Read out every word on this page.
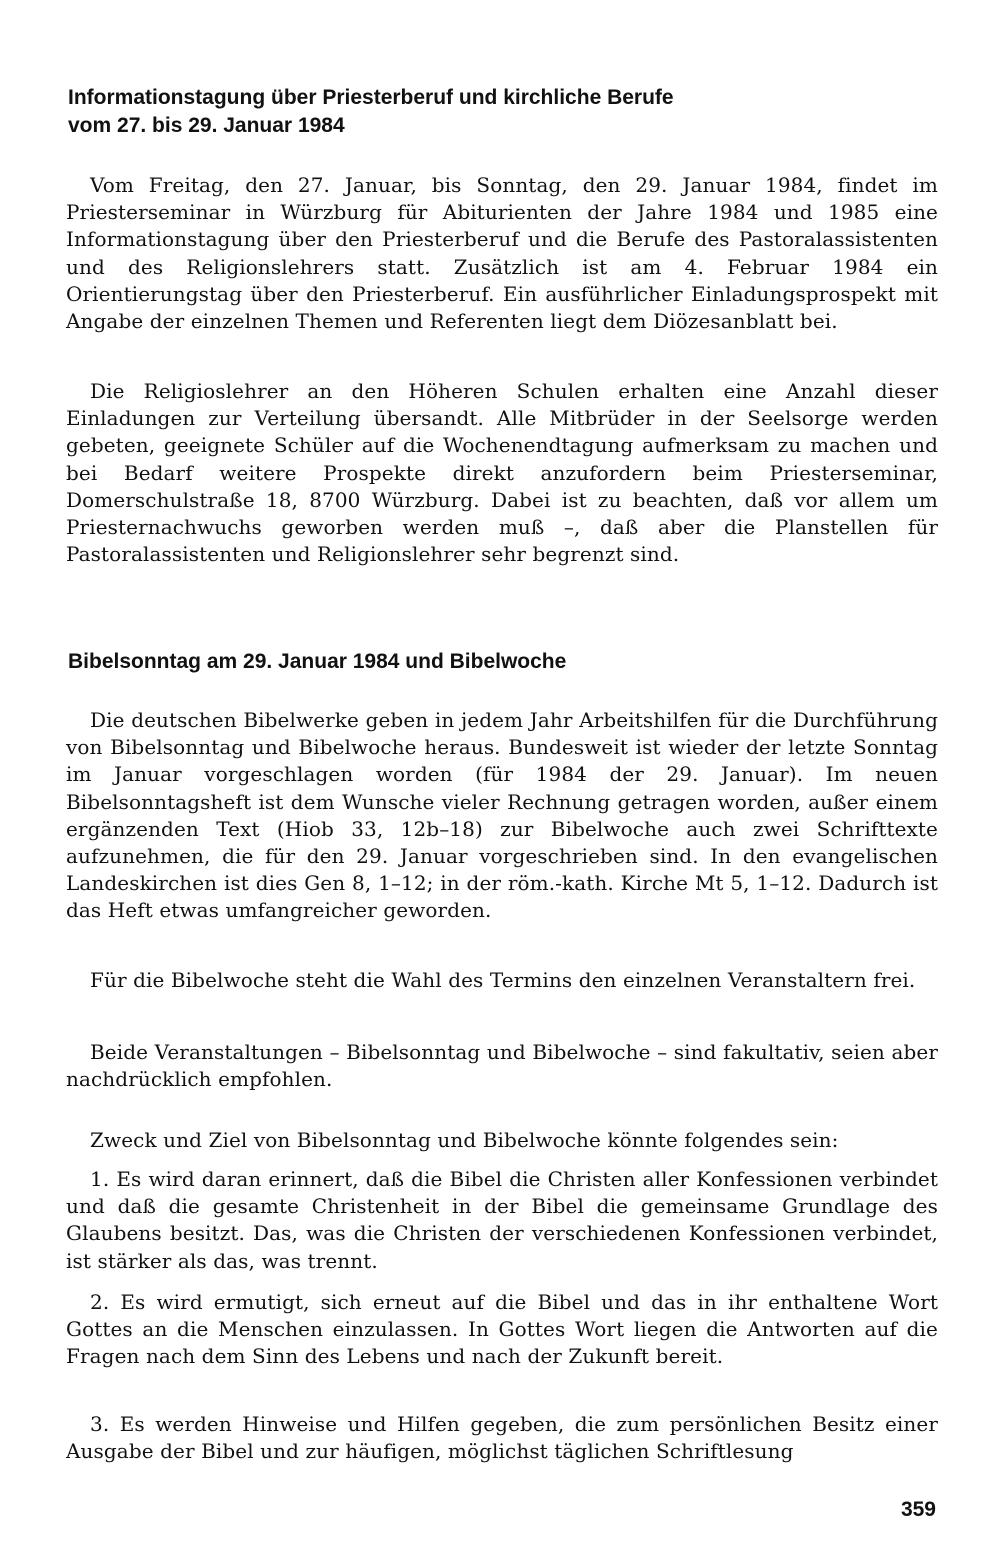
Informationstagung über Priesterberuf und kirchliche Berufe

vom 27. bis 29. Januar 1984

Vom Freitag, den 27. Januar, bis Sonntag, den 29. Januar 1984, findet im Priesterseminar in Würzburg für Abiturienten der Jahre 1984 und 1985 eine Informationstagung über den Priesterberuf und die Berufe des Pastoralassistenten und des Religionslehrers statt. Zusätzlich ist am 4. Februar 1984 ein Orientierungstag über den Priesterberuf. Ein ausführlicher Einladungsprospekt mit Angabe der einzelnen Themen und Referenten liegt dem Diözesanblatt bei.

Die Religioslehrer an den Höheren Schulen erhalten eine Anzahl dieser Einladungen zur Verteilung übersandt. Alle Mitbrüder in der Seelsorge werden gebeten, geeignete Schüler auf die Wochenendtagung aufmerksam zu machen und bei Bedarf weitere Prospekte direkt anzufordern beim Priesterseminar, Domerschulstraße 18, 8700 Würzburg. Dabei ist zu beachten, daß vor allem um Priesternachwuchs geworben werden muß –, daß aber die Planstellen für Pastoralassistenten und Religionslehrer sehr begrenzt sind.

Bibelsonntag am 29. Januar 1984 und Bibelwoche

Die deutschen Bibelwerke geben in jedem Jahr Arbeitshilfen für die Durchführung von Bibelsonntag und Bibelwoche heraus. Bundesweit ist wieder der letzte Sonntag im Januar vorgeschlagen worden (für 1984 der 29. Januar). Im neuen Bibelsonntagsheft ist dem Wunsche vieler Rechnung getragen worden, außer einem ergänzenden Text (Hiob 33, 12b–18) zur Bibelwoche auch zwei Schrifttexte aufzunehmen, die für den 29. Januar vorgeschrieben sind. In den evangelischen Landeskirchen ist dies Gen 8, 1–12; in der röm.-kath. Kirche Mt 5, 1–12. Dadurch ist das Heft etwas umfangreicher geworden.

Für die Bibelwoche steht die Wahl des Termins den einzelnen Veranstaltern frei.

Beide Veranstaltungen – Bibelsonntag und Bibelwoche – sind fakultativ, seien aber nachdrücklich empfohlen.

Zweck und Ziel von Bibelsonntag und Bibelwoche könnte folgendes sein:

1. Es wird daran erinnert, daß die Bibel die Christen aller Konfessionen verbindet und daß die gesamte Christenheit in der Bibel die gemeinsame Grundlage des Glaubens besitzt. Das, was die Christen der verschiedenen Konfessionen verbindet, ist stärker als das, was trennt.

2. Es wird ermutigt, sich erneut auf die Bibel und das in ihr enthaltene Wort Gottes an die Menschen einzulassen. In Gottes Wort liegen die Antworten auf die Fragen nach dem Sinn des Lebens und nach der Zukunft bereit.

3. Es werden Hinweise und Hilfen gegeben, die zum persönlichen Besitz einer Ausgabe der Bibel und zur häufigen, möglichst täglichen Schriftlesung

359
